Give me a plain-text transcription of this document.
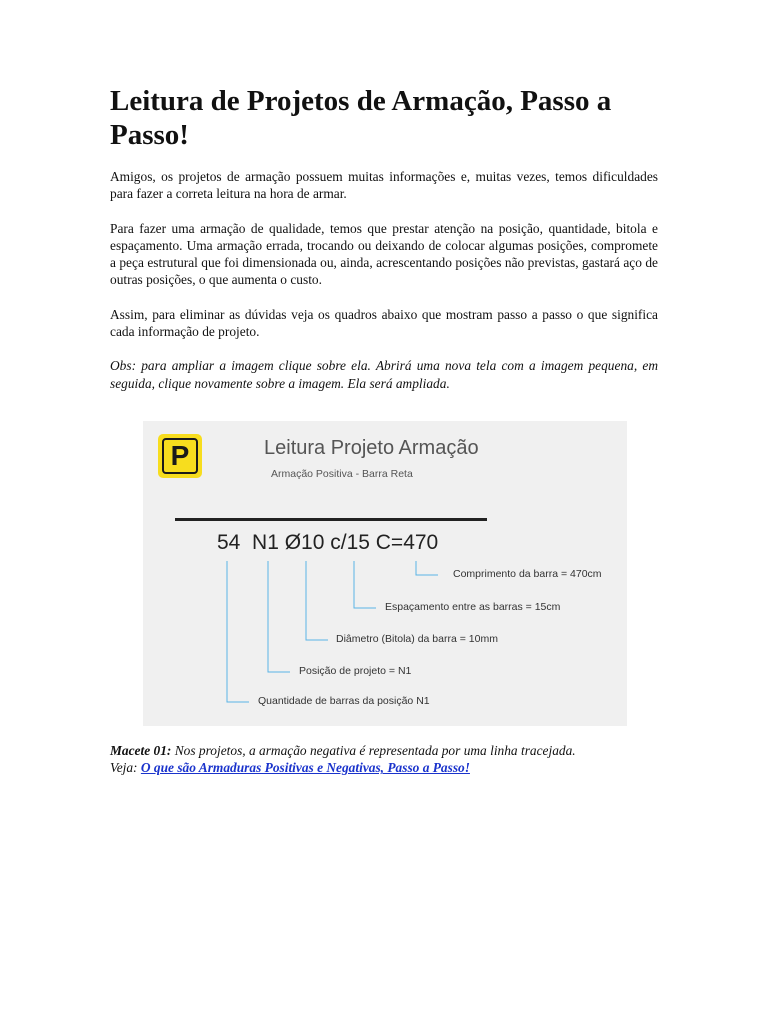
Leitura de Projetos de Armação, Passo a Passo!

Amigos, os projetos de armação possuem muitas informações e, muitas vezes, temos dificuldades para fazer a correta leitura na hora de armar.

Para fazer uma armação de qualidade, temos que prestar atenção na posição, quantidade, bitola e espaçamento. Uma armação errada, trocando ou deixando de colocar algumas posições, compromete a peça estrutural que foi dimensionada ou, ainda, acrescentando posições não previstas, gastará aço de outras posições, o que aumenta o custo.

Assim, para eliminar as dúvidas veja os quadros abaixo que mostram passo a passo o que significa cada informação de projeto.

Obs: para ampliar a imagem clique sobre ela. Abrirá uma nova tela com a imagem pequena, em seguida, clique novamente sobre a imagem. Ela será ampliada.

P	Leitura Projeto Armação
Armação Positiva - Barra Reta
54  N1 Ø10 c/15 C=470
Comprimento da barra = 470cm
Espaçamento entre as barras = 15cm
Diâmetro (Bitola) da barra = 10mm
Posição de projeto = N1
Quantidade de barras da posição N1
Macete 01: Nos projetos, a armação negativa é representada por uma linha tracejada.
Veja: O que são Armaduras Positivas e Negativas, Passo a Passo!
